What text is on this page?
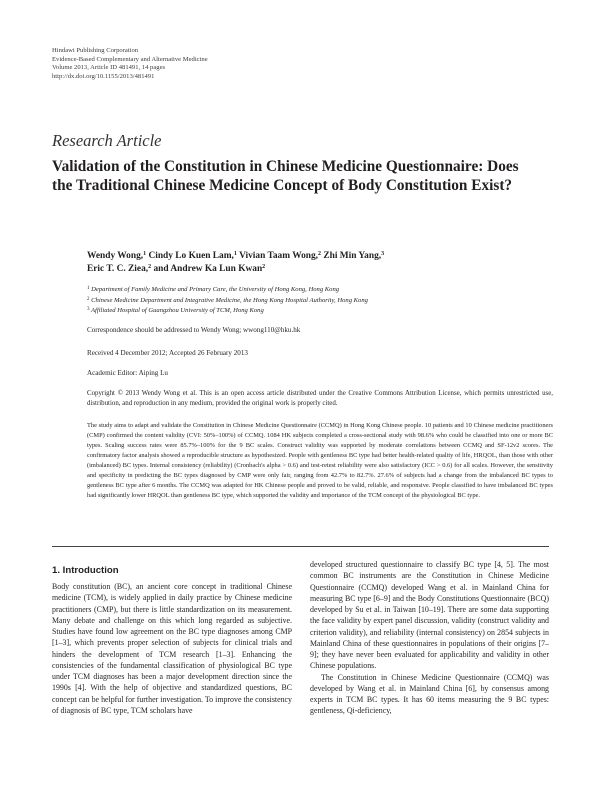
Hindawi Publishing Corporation
Evidence-Based Complementary and Alternative Medicine
Volume 2013, Article ID 481491, 14 pages
http://dx.doi.org/10.1155/2013/481491
Research Article
Validation of the Constitution in Chinese Medicine Questionnaire: Does the Traditional Chinese Medicine Concept of Body Constitution Exist?
Wendy Wong,$^1$ Cindy Lo Kuen Lam,$^1$ Vivian Taam Wong,$^2$ Zhi Min Yang,$^3$
Eric T. C. Ziea,$^2$ and Andrew Ka Lun Kwan$^2$
$^1$ Department of Family Medicine and Primary Care, the University of Hong Kong, Hong Kong
$^2$ Chinese Medicine Department and Integrative Medicine, the Hong Kong Hospital Authority, Hong Kong
$^3$ Affiliated Hospital of Guangzhou University of TCM, Hong Kong
Correspondence should be addressed to Wendy Wong; wwong110@hku.hk
Received 4 December 2012; Accepted 26 February 2013
Academic Editor: Aiping Lu
Copyright © 2013 Wendy Wong et al. This is an open access article distributed under the Creative Commons Attribution License, which permits unrestricted use, distribution, and reproduction in any medium, provided the original work is properly cited.
The study aims to adapt and validate the Constitution in Chinese Medicine Questionnaire (CCMQ) in Hong Kong Chinese people. 10 patients and 10 Chinese medicine practitioners (CMP) confirmed the content validity (CVI: 50%–100%) of CCMQ. 1084 HK subjects completed a cross-sectional study with 98.6% who could be classified into one or more BC types. Scaling success rates were 85.7%–100% for the 9 BC scales. Construct validity was supported by moderate correlations between CCMQ and SF-12v2 scores. The confirmatory factor analysis showed a reproducible structure as hypothesized. People with gentleness BC type had better health-related quality of life, HRQOL, than those with other (imbalanced) BC types. Internal consistency (reliability) (Cronbach's alpha > 0.6) and test-retest reliability were also satisfactory (ICC > 0.6) for all scales. However, the sensitivity and specificity in predicting the BC types diagnosed by CMP were only fair, ranging from 42.7% to 82.7%. 27.6% of subjects had a change from the imbalanced BC types to gentleness BC type after 6 months. The CCMQ was adapted for HK Chinese people and proved to be valid, reliable, and responsive. People classified to have imbalanced BC types had significantly lower HRQOL than gentleness BC type, which supported the validity and importance of the TCM concept of the physiological BC type.
1. Introduction

Body constitution (BC), an ancient core concept in traditional Chinese medicine (TCM), is widely applied in daily practice by Chinese medicine practitioners (CMP), but there is little standardization on its measurement. Many debate and challenge on this which long regarded as subjective. Studies have found low agreement on the BC type diagnoses among CMP [1–3], which prevents proper selection of subjects for clinical trials and hinders the development of TCM research [1–3]. Enhancing the consistencies of the fundamental classification of physiological BC type under TCM diagnoses has been a major development direction since the 1990s [4]. With the help of objective and standardized questions, BC concept can be helpful for further investigation. To improve the consistency of diagnosis of BC type, TCM scholars have

developed structured questionnaire to classify BC type [4, 5]. The most common BC instruments are the Constitution in Chinese Medicine Questionnaire (CCMQ) developed Wang et al. in Mainland China for measuring BC type [6–9] and the Body Constitutions Questionnaire (BCQ) developed by Su et al. in Taiwan [10–19]. There are some data supporting the face validity by expert panel discussion, validity (construct validity and criterion validity), and reliability (internal consistency) on 2854 subjects in Mainland China of these questionnaires in populations of their origins [7–9]; they have never been evaluated for applicability and validity in other Chinese populations.

The Constitution in Chinese Medicine Questionnaire (CCMQ) was developed by Wang et al. in Mainland China [6], by consensus among experts in TCM BC types. It has 60 items measuring the 9 BC types: gentleness, Qi-deficiency,
